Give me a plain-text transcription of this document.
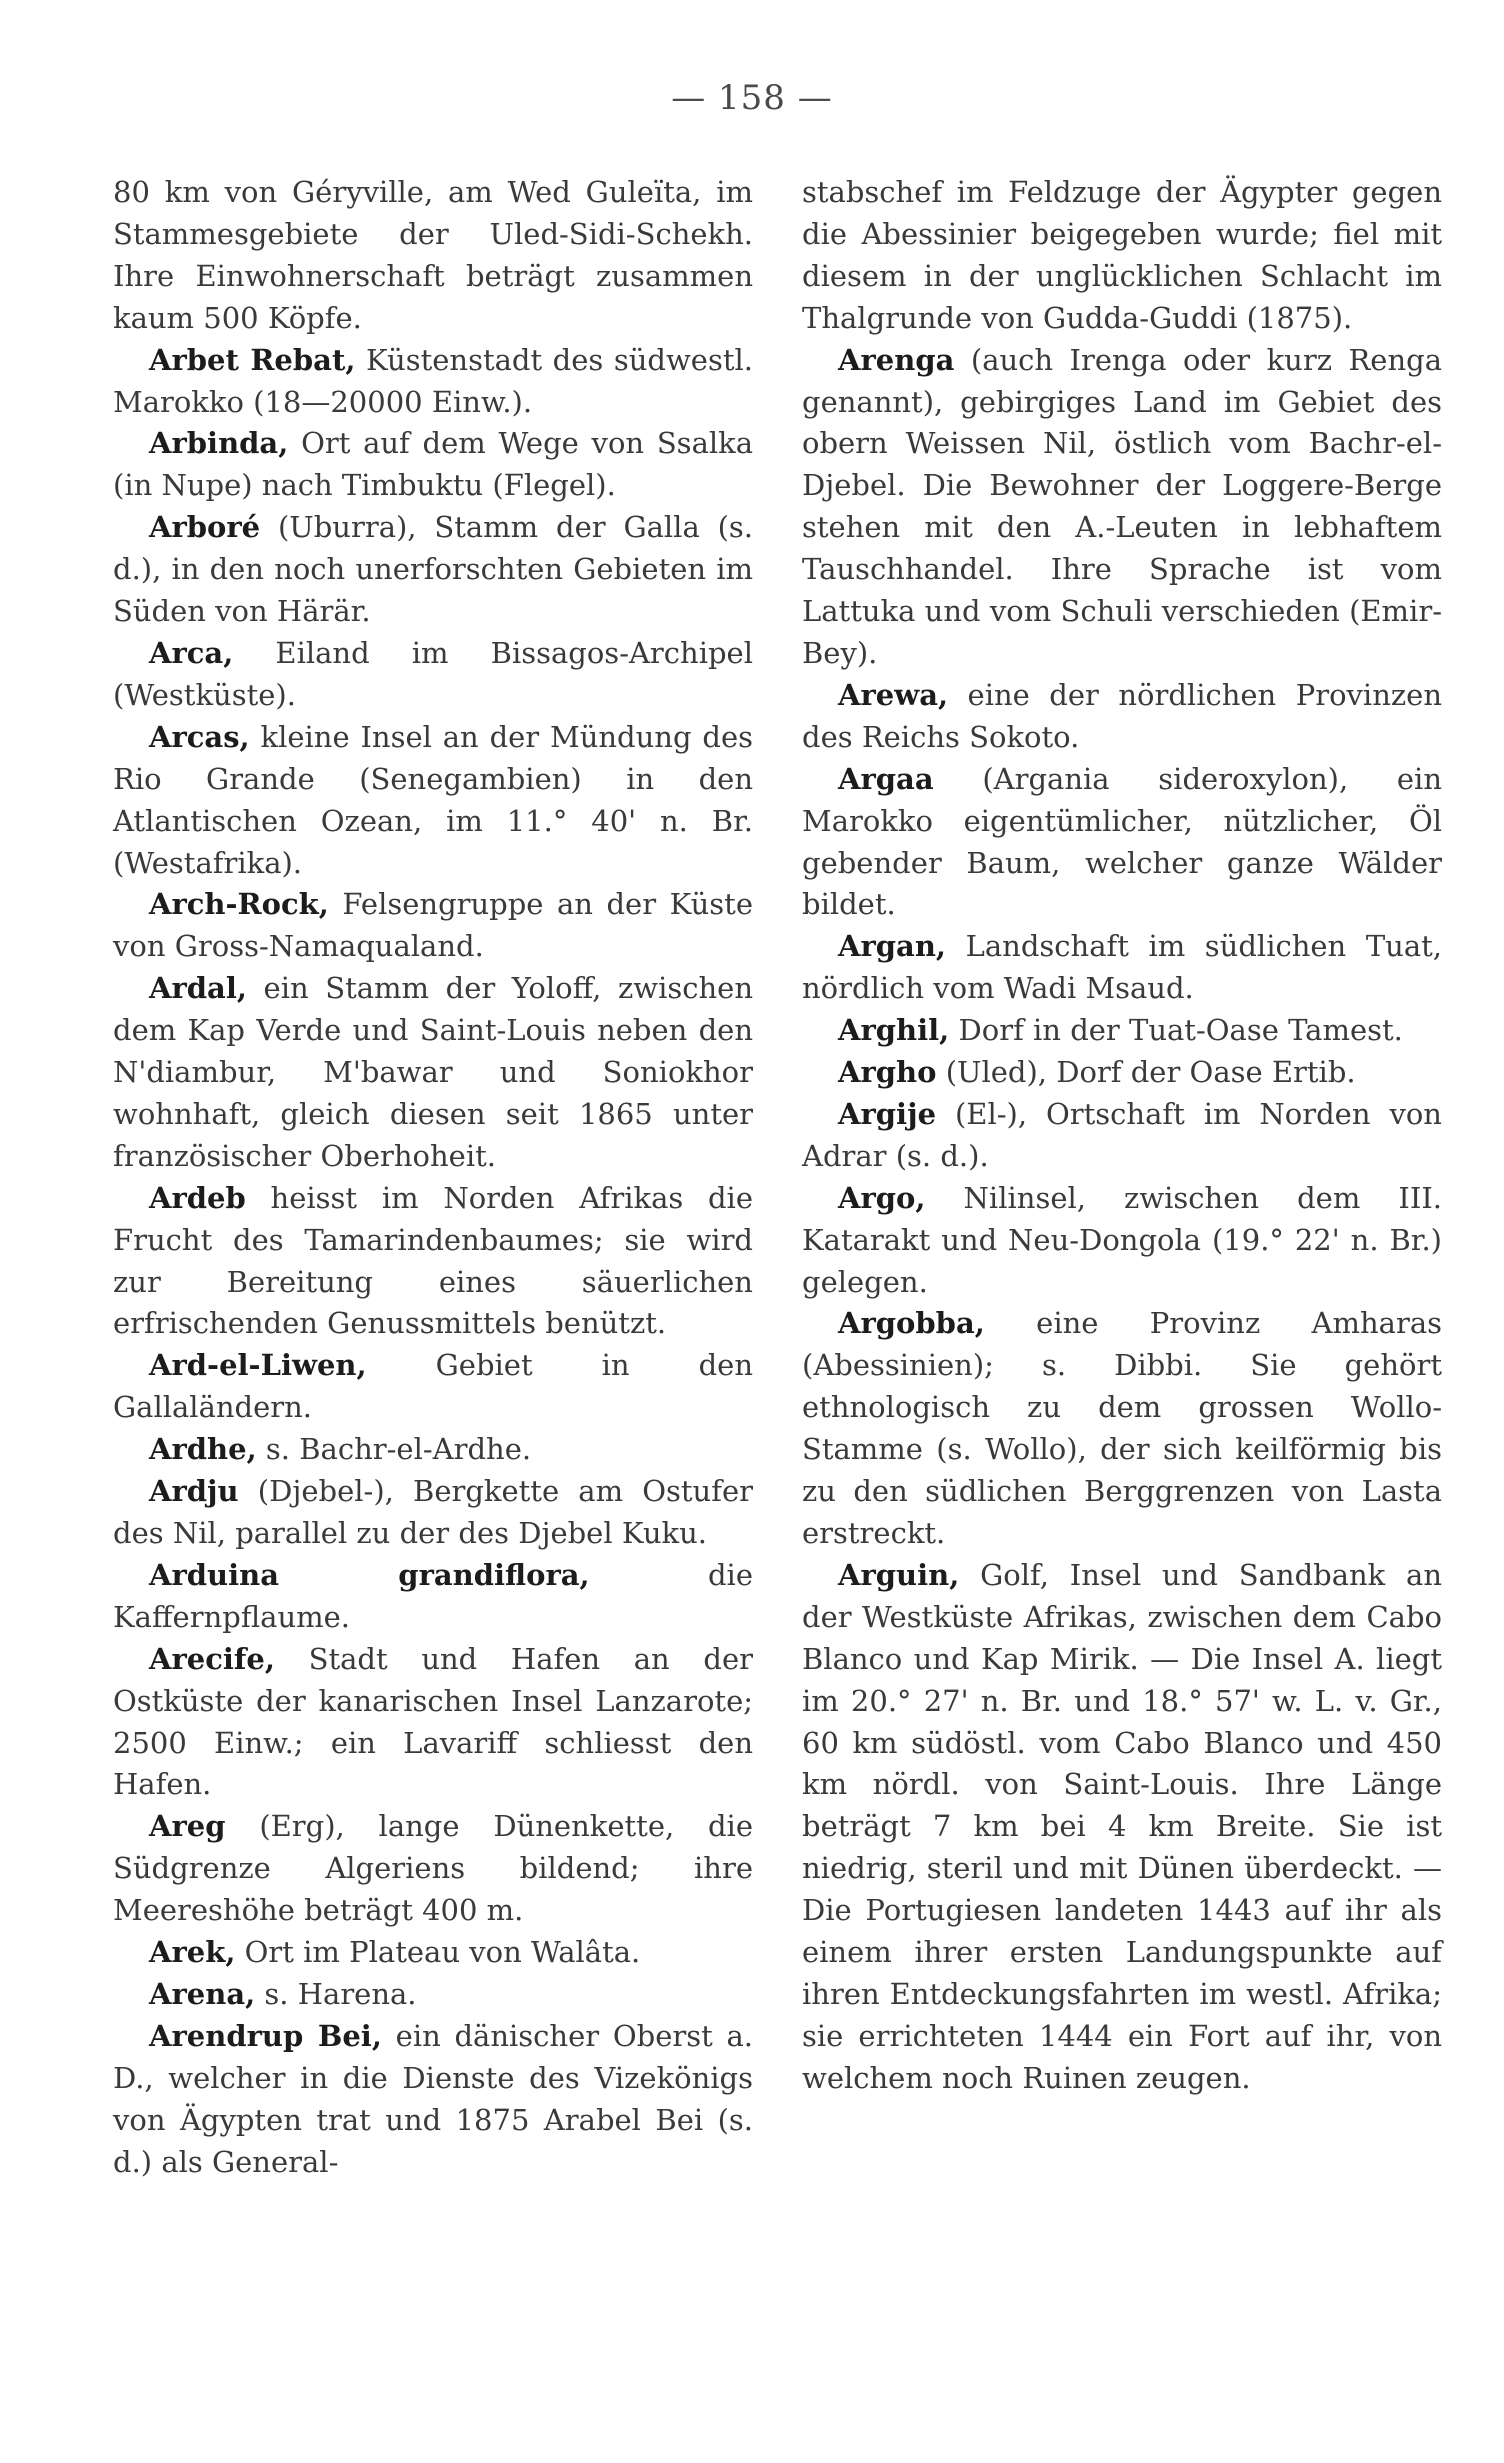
— 158 —

80 km von Géryville, am Wed Guleïta, im Stammesgebiete der Uled-Sidi-Schekh. Ihre Einwohnerschaft beträgt zusammen kaum 500 Köpfe.

Arbet Rebat, Küstenstadt des südwestl. Marokko (18—20000 Einw.).

Arbinda, Ort auf dem Wege von Ssalka (in Nupe) nach Timbuktu (Flegel).

Arboré (Uburra), Stamm der Galla (s. d.), in den noch unerforschten Gebieten im Süden von Härär.

Arca, Eiland im Bissagos-Archipel (Westküste).

Arcas, kleine Insel an der Mündung des Rio Grande (Senegambien) in den Atlantischen Ozean, im 11.° 40' n. Br. (Westafrika).

Arch-Rock, Felsengruppe an der Küste von Gross-Namaqualand.

Ardal, ein Stamm der Yoloff, zwischen dem Kap Verde und Saint-Louis neben den N'diambur, M'bawar und Soniokhor wohnhaft, gleich diesen seit 1865 unter französischer Oberhoheit.

Ardeb heisst im Norden Afrikas die Frucht des Tamarindenbaumes; sie wird zur Bereitung eines säuerlichen erfrischenden Genussmittels benützt.

Ard-el-Liwen, Gebiet in den Gallaländern.

Ardhe, s. Bachr-el-Ardhe.

Ardju (Djebel-), Bergkette am Ostufer des Nil, parallel zu der des Djebel Kuku.

Arduina grandiflora, die Kaffernpflaume.

Arecife, Stadt und Hafen an der Ostküste der kanarischen Insel Lanzarote; 2500 Einw.; ein Lavariff schliesst den Hafen.

Areg (Erg), lange Dünenkette, die Südgrenze Algeriens bildend; ihre Meereshöhe beträgt 400 m.

Arek, Ort im Plateau von Walâta.

Arena, s. Harena.

Arendrup Bei, ein dänischer Oberst a. D., welcher in die Dienste des Vizekönigs von Ägypten trat und 1875 Arabel Bei (s. d.) als General-

stabschef im Feldzuge der Ägypter gegen die Abessinier beigegeben wurde; fiel mit diesem in der unglücklichen Schlacht im Thalgrunde von Gudda-Guddi (1875).

Arenga (auch Irenga oder kurz Renga genannt), gebirgiges Land im Gebiet des obern Weissen Nil, östlich vom Bachr-el-Djebel. Die Bewohner der Loggere-Berge stehen mit den A.-Leuten in lebhaftem Tauschhandel. Ihre Sprache ist vom Lattuka und vom Schuli verschieden (Emir-Bey).

Arewa, eine der nördlichen Provinzen des Reichs Sokoto.

Argaa (Argania sideroxylon), ein Marokko eigentümlicher, nützlicher, Öl gebender Baum, welcher ganze Wälder bildet.

Argan, Landschaft im südlichen Tuat, nördlich vom Wadi Msaud.

Arghil, Dorf in der Tuat-Oase Tamest.

Argho (Uled), Dorf der Oase Ertib.

Argije (El-), Ortschaft im Norden von Adrar (s. d.).

Argo, Nilinsel, zwischen dem III. Katarakt und Neu-Dongola (19.° 22' n. Br.) gelegen.

Argobba, eine Provinz Amharas (Abessinien); s. Dibbi. Sie gehört ethnologisch zu dem grossen Wollo-Stamme (s. Wollo), der sich keilförmig bis zu den südlichen Berggrenzen von Lasta erstreckt.

Arguin, Golf, Insel und Sandbank an der Westküste Afrikas, zwischen dem Cabo Blanco und Kap Mirik. — Die Insel A. liegt im 20.° 27' n. Br. und 18.° 57' w. L. v. Gr., 60 km südöstl. vom Cabo Blanco und 450 km nördl. von Saint-Louis. Ihre Länge beträgt 7 km bei 4 km Breite. Sie ist niedrig, steril und mit Dünen überdeckt. — Die Portugiesen landeten 1443 auf ihr als einem ihrer ersten Landungspunkte auf ihren Entdeckungsfahrten im westl. Afrika; sie errichteten 1444 ein Fort auf ihr, von welchem noch Ruinen zeugen.
